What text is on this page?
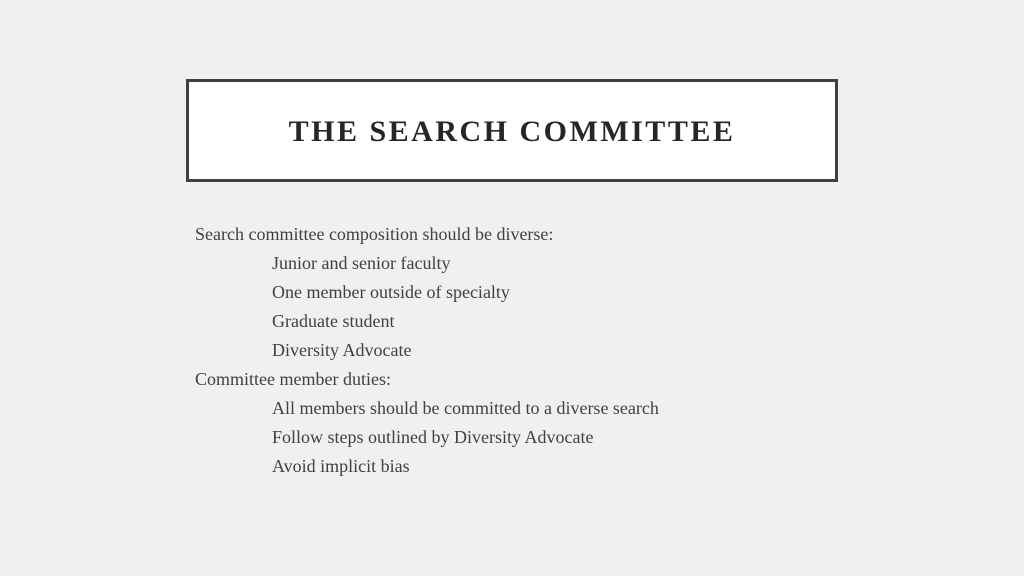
THE SEARCH COMMITTEE
Search committee composition should be diverse:
Junior and senior faculty
One member outside of specialty
Graduate student
Diversity Advocate
Committee member duties:
All members should be committed to a diverse search
Follow steps outlined by Diversity Advocate
Avoid implicit bias
